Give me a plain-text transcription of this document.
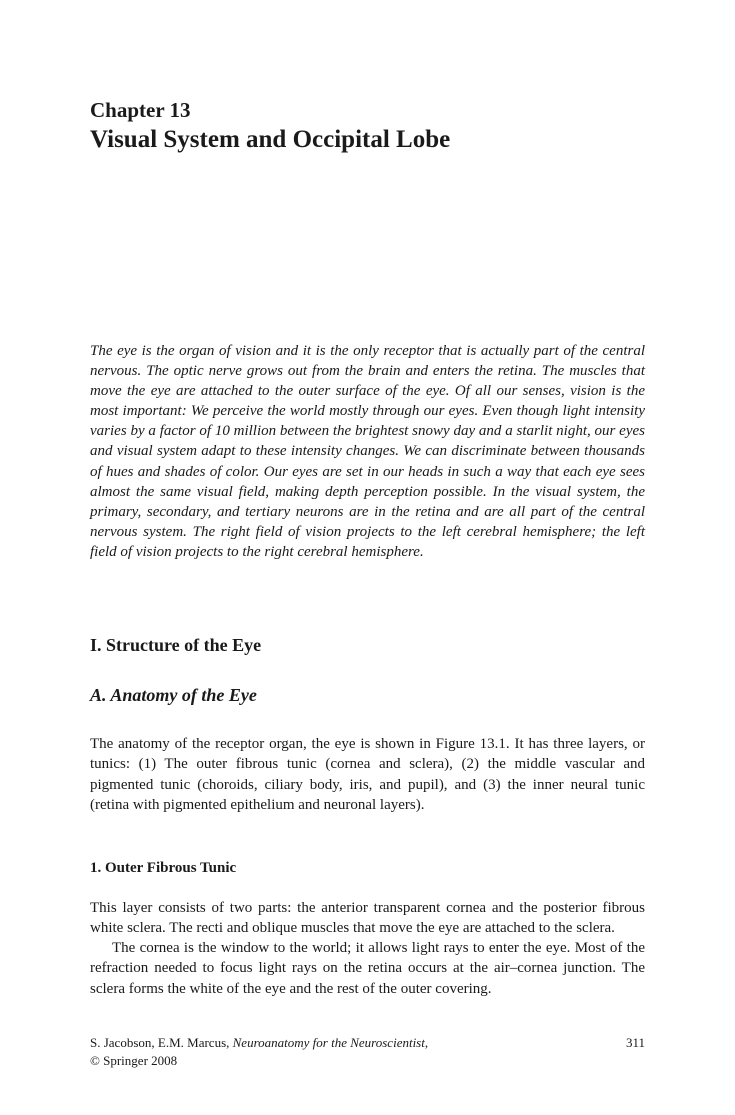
Chapter 13
Visual System and Occipital Lobe

The eye is the organ of vision and it is the only receptor that is actually part of the central nervous. The optic nerve grows out from the brain and enters the retina. The muscles that move the eye are attached to the outer surface of the eye. Of all our senses, vision is the most important: We perceive the world mostly through our eyes. Even though light intensity varies by a factor of 10 million between the brightest snowy day and a starlit night, our eyes and visual system adapt to these intensity changes. We can discriminate between thousands of hues and shades of color. Our eyes are set in our heads in such a way that each eye sees almost the same visual field, making depth perception possible. In the visual system, the primary, secondary, and tertiary neurons are in the retina and are all part of the central nervous system. The right field of vision projects to the left cerebral hemisphere; the left field of vision projects to the right cerebral hemisphere.

I. Structure of the Eye
A. Anatomy of the Eye

The anatomy of the receptor organ, the eye is shown in Figure 13.1. It has three layers, or tunics: (1) The outer fibrous tunic (cornea and sclera), (2) the middle vascular and pigmented tunic (choroids, ciliary body, iris, and pupil), and (3) the inner neural tunic (retina with pigmented epithelium and neuronal layers).

1. Outer Fibrous Tunic

This layer consists of two parts: the anterior transparent cornea and the posterior fibrous white sclera. The recti and oblique muscles that move the eye are attached to the sclera.

The cornea is the window to the world; it allows light rays to enter the eye. Most of the refraction needed to focus light rays on the retina occurs at the air–cornea junction. The sclera forms the white of the eye and the rest of the outer covering.

S. Jacobson, E.M. Marcus, Neuroanatomy for the Neuroscientist,	311
© Springer 2008
